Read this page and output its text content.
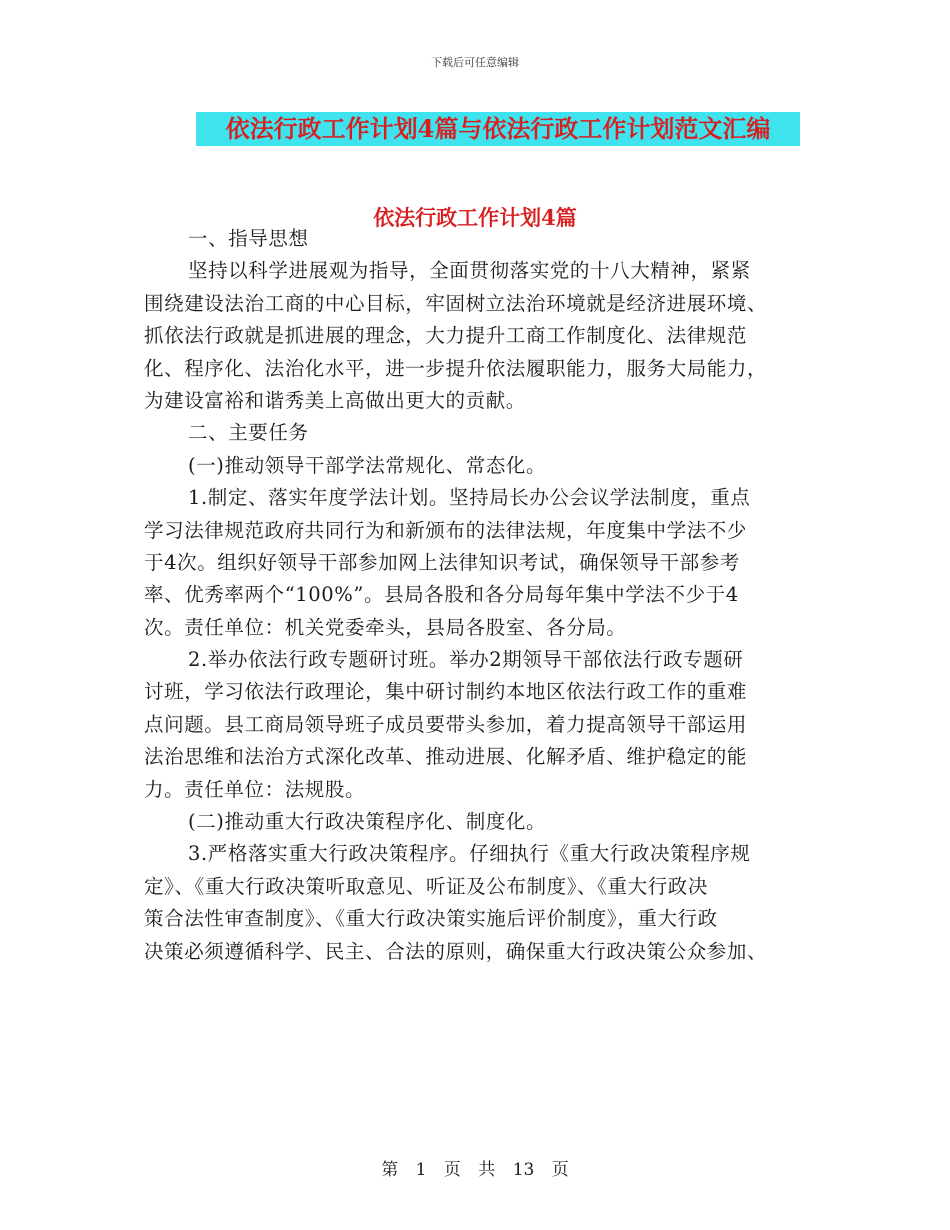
下载后可任意编辑
依法行政工作计划4篇与依法行政工作计划范文汇编
依法行政工作计划4篇
一、指导思想
坚持以科学进展观为指导，全面贯彻落实党的十八大精神，紧紧
围绕建设法治工商的中心目标，牢固树立法治环境就是经济进展环境、
抓依法行政就是抓进展的理念，大力提升工商工作制度化、法律规范
化、程序化、法治化水平，进一步提升依法履职能力，服务大局能力，
为建设富裕和谐秀美上高做出更大的贡献。
二、主要任务
(一)推动领导干部学法常规化、常态化。
1.制定、落实年度学法计划。坚持局长办公会议学法制度，重点
学习法律规范政府共同行为和新颁布的法律法规，年度集中学法不少
于4次。组织好领导干部参加网上法律知识考试，确保领导干部参考
率、优秀率两个“100%”。县局各股和各分局每年集中学法不少于4
次。责任单位：机关党委牵头，县局各股室、各分局。
2.举办依法行政专题研讨班。举办2期领导干部依法行政专题研
讨班，学习依法行政理论，集中研讨制约本地区依法行政工作的重难
点问题。县工商局领导班子成员要带头参加，着力提高领导干部运用
法治思维和法治方式深化改革、推动进展、化解矛盾、维护稳定的能
力。责任单位：法规股。
(二)推动重大行政决策程序化、制度化。
3.严格落实重大行政决策程序。仔细执行《重大行政决策程序规
定》、《重大行政决策听取意见、听证及公布制度》、《重大行政决
策合法性审查制度》、《重大行政决策实施后评价制度》，重大行政
决策必须遵循科学、民主、合法的原则，确保重大行政决策公众参加、
第 1 页 共 13 页
